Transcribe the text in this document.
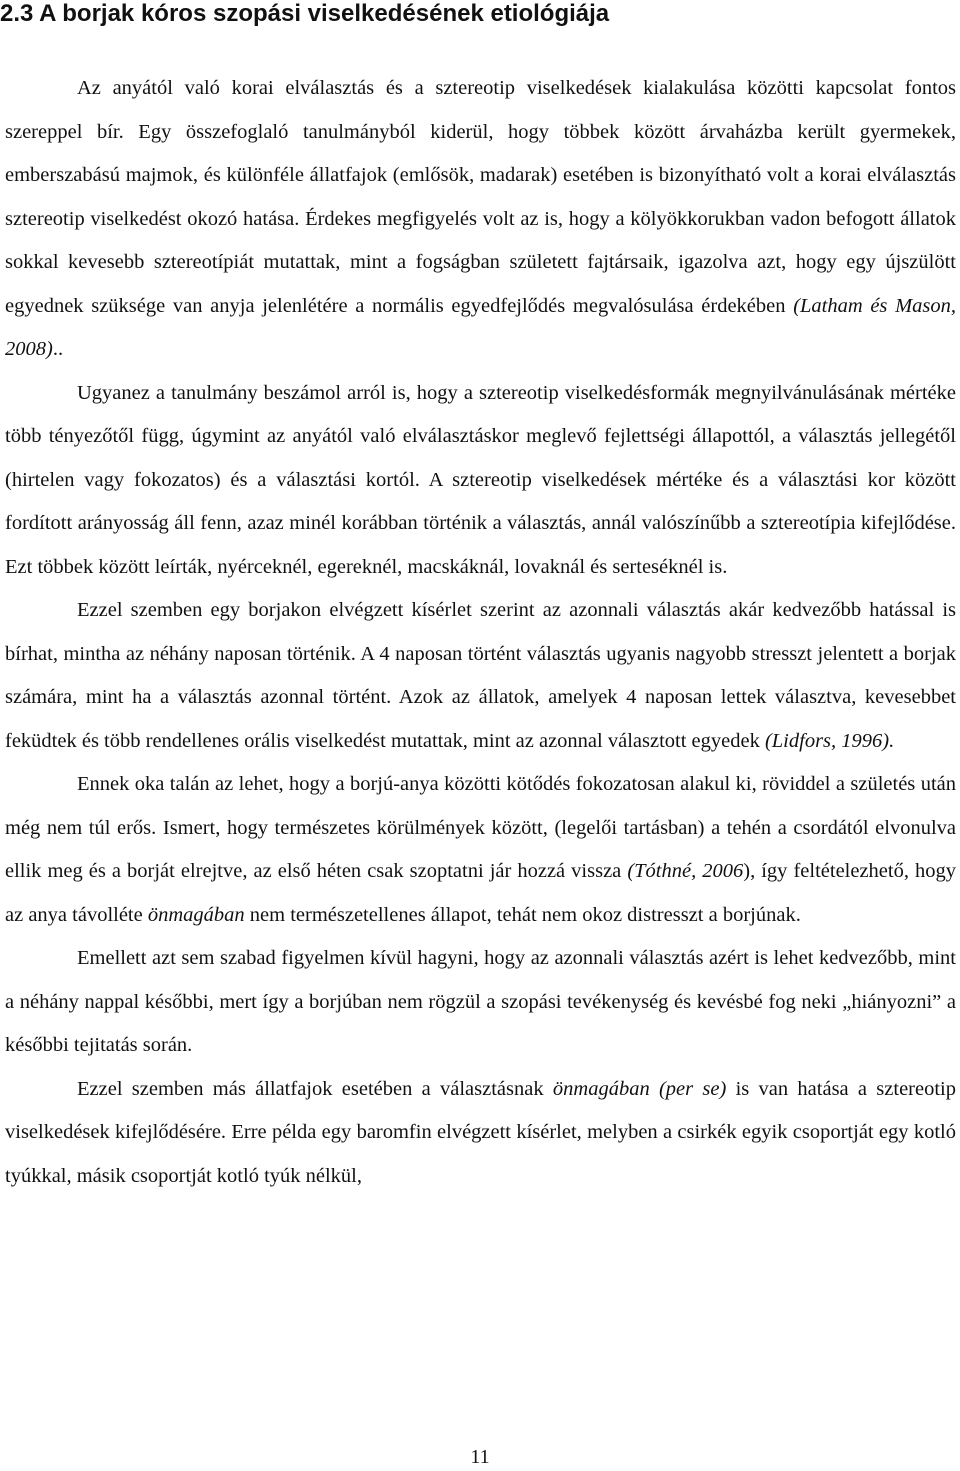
2.3 A borjak kóros szopási viselkedésének etiológiája

Az anyától való korai elválasztás és a sztereotip viselkedések kialakulása közötti kapcsolat fontos szereppel bír. Egy összefoglaló tanulmányból kiderül, hogy többek között árvaházba került gyermekek, emberszabású majmok, és különféle állatfajok (emlősök, madarak) esetében is bizonyítható volt a korai elválasztás sztereotip viselkedést okozó hatása. Érdekes megfigyelés volt az is, hogy a kölyökkorukban vadon befogott állatok sokkal kevesebb sztereotípiát mutattak, mint a fogságban született fajtársaik, igazolva azt, hogy egy újszülött egyednek szüksége van anyja jelenlétére a normális egyedfejlődés megvalósulása érdekében (Latham és Mason, 2008)..

Ugyanez a tanulmány beszámol arról is, hogy a sztereotip viselkedésformák megnyilvánulásának mértéke több tényezőtől függ, úgymint az anyától való elválasztáskor meglevő fejlettségi állapottól, a választás jellegétől (hirtelen vagy fokozatos) és a választási kortól. A sztereotip viselkedések mértéke és a választási kor között fordított arányosság áll fenn, azaz minél korábban történik a választás, annál valószínűbb a sztereotípia kifejlődése. Ezt többek között leírták, nyérceknél, egereknél, macskáknál, lovaknál és serteséknél is.

Ezzel szemben egy borjakon elvégzett kísérlet szerint az azonnali választás akár kedvezőbb hatással is bírhat, mintha az néhány naposan történik. A 4 naposan történt választás ugyanis nagyobb stresszt jelentett a borjak számára, mint ha a választás azonnal történt. Azok az állatok, amelyek 4 naposan lettek választva, kevesebbet feküdtek és több rendellenes orális viselkedést mutattak, mint az azonnal választott egyedek (Lidfors, 1996).

Ennek oka talán az lehet, hogy a borjú-anya közötti kötődés fokozatosan alakul ki, röviddel a születés után még nem túl erős. Ismert, hogy természetes körülmények között, (legelői tartásban) a tehén a csordától elvonulva ellik meg és a borját elrejtve, az első héten csak szoptatni jár hozzá vissza (Tóthné, 2006), így feltételezhető, hogy az anya távolléte önmagában nem természetellenes állapot, tehát nem okoz distresszt a borjúnak.

Emellett azt sem szabad figyelmen kívül hagyni, hogy az azonnali választás azért is lehet kedvezőbb, mint a néhány nappal későbbi, mert így a borjúban nem rögzül a szopási tevékenység és kevésbé fog neki „hiányozni” a későbbi tejitatás során.

Ezzel szemben más állatfajok esetében a választásnak önmagában (per se) is van hatása a sztereotip viselkedések kifejlődésére. Erre példa egy baromfin elvégzett kísérlet, melyben a csirkék egyik csoportját egy kotló tyúkkal, másik csoportját kotló tyúk nélkül,

11
